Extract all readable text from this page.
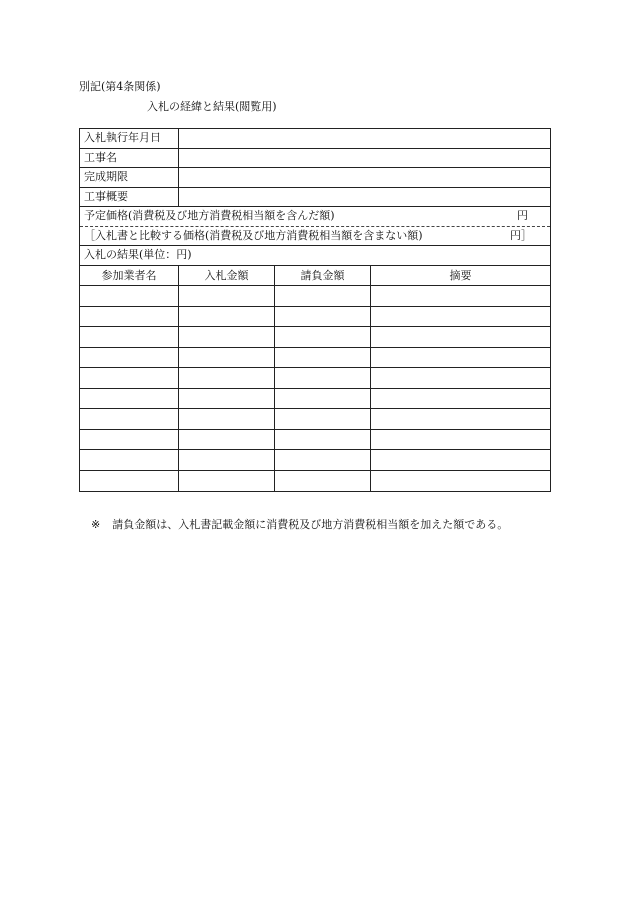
別記(第4条関係)
入札の経緯と結果(閲覧用)
入札執行年月日
工事名
完成期限
工事概要
予定価格(消費税及び地方消費税相当額を含んだ額)	円
［入札書と比較する価格(消費税及び地方消費税相当額を含まない額)	円］
入札の結果(単位：円)
参加業者名	入札金額	請負金額	摘要
※ 請負金額は、入札書記載金額に消費税及び地方消費税相当額を加えた額である。
